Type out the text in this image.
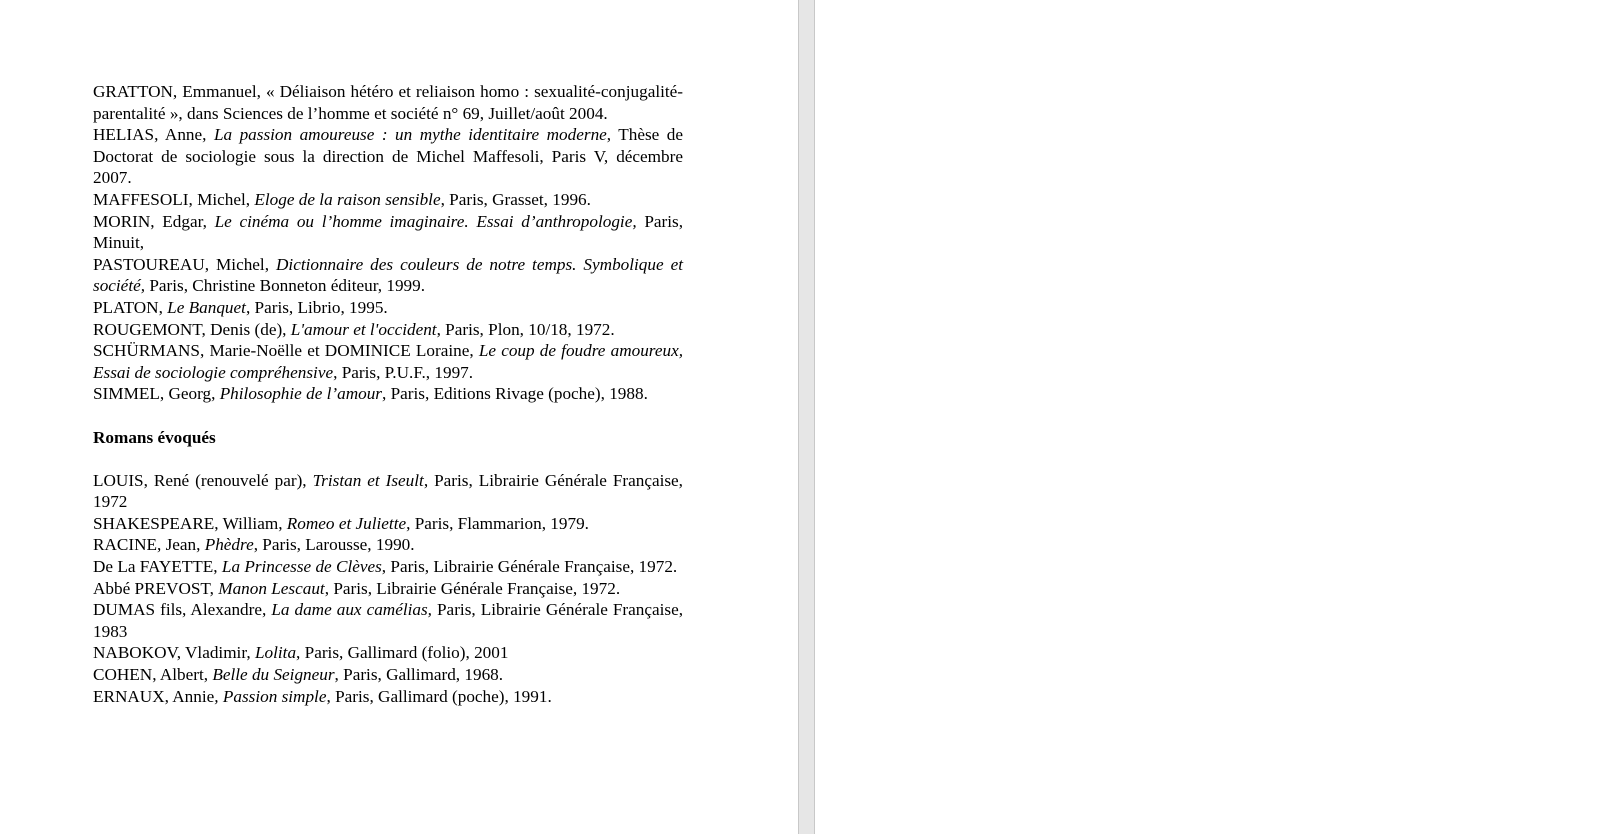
GRATTON, Emmanuel, « Déliaison hétéro et reliaison homo : sexualité-conjugalité-parentalité », dans Sciences de l’homme et société n° 69, Juillet/août 2004.

HELIAS, Anne, La passion amoureuse : un mythe identitaire moderne, Thèse de Doctorat de sociologie sous la direction de Michel Maffesoli, Paris V, décembre 2007.

MAFFESOLI, Michel, Eloge de la raison sensible, Paris, Grasset, 1996.

MORIN, Edgar, Le cinéma ou l’homme imaginaire. Essai d’anthropologie, Paris, Minuit,

PASTOUREAU, Michel, Dictionnaire des couleurs de notre temps. Symbolique et société, Paris, Christine Bonneton éditeur, 1999.

PLATON, Le Banquet, Paris, Librio, 1995.

ROUGEMONT, Denis (de), L'amour et l'occident, Paris, Plon, 10/18, 1972.

SCHÜRMANS, Marie-Noëlle et DOMINICE Loraine, Le coup de foudre amoureux, Essai de sociologie compréhensive, Paris, P.U.F., 1997.

SIMMEL, Georg, Philosophie de l’amour, Paris, Editions Rivage (poche), 1988.

Romans évoqués

LOUIS, René (renouvelé par), Tristan et Iseult, Paris, Librairie Générale Française, 1972

SHAKESPEARE, William, Romeo et Juliette, Paris, Flammarion, 1979.

RACINE, Jean, Phèdre, Paris, Larousse, 1990.

De La FAYETTE, La Princesse de Clèves, Paris, Librairie Générale Française, 1972.

Abbé PREVOST, Manon Lescaut, Paris, Librairie Générale Française, 1972.

DUMAS fils, Alexandre, La dame aux camélias, Paris, Librairie Générale Française, 1983

NABOKOV, Vladimir, Lolita, Paris, Gallimard (folio), 2001

COHEN, Albert, Belle du Seigneur, Paris, Gallimard, 1968.

ERNAUX, Annie, Passion simple, Paris, Gallimard (poche), 1991.
